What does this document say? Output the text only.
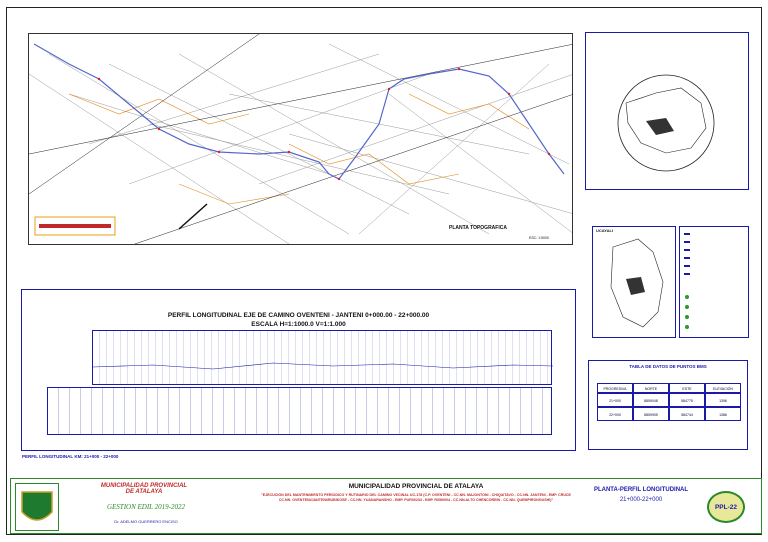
PLANTA TOPOGRAFICA
ESC: 1:5000
UCAYALI
PERFIL LONGITUDINAL EJE DE CAMINO OVENTENI - JANTENI 0+000.00 - 22+000.00
ESCALA H=1:1000.0 V=1:1.000
PERFIL LONGITUDINAL KM: 21+000 - 22+000
TABLA DE DATOS DE PUNTOS BMS
PROGRESIVA	NORTE	ESTE	ELEVACIÓN
21+000	8859048	584775	1396
22+000	8859905	584744	1386
MUNICIPALIDAD PROVINCIAL DE ATALAYA
GESTION EDIL 2019-2022
Dr. ADELMO GUERRERO ENCISO
MUNICIPALIDAD PROVINCIAL DE ATALAYA
"EJECUCION DEL MANTENIMIENTO PERIODICO Y RUTINARIO DEL CAMINO VECINAL UC-178 (C.P. OVENTENI - CC.NN. MAJONTONI - CHIQUITAVO - CC.NN. JANTENI - EMP. CRUCE CC.NN. OVENTENI/JANTENI/RUBIKOSE - CC.NN. YUANARANSHO - EMP. PUR00234 - EMP. R05I0004 - CC.NN.ALTO CHENCOREIN - CC.NN. QUEMPIRONGUSHI)"
PLANTA-PERFIL LONGITUDINAL
21+000-22+000
PPL-22
